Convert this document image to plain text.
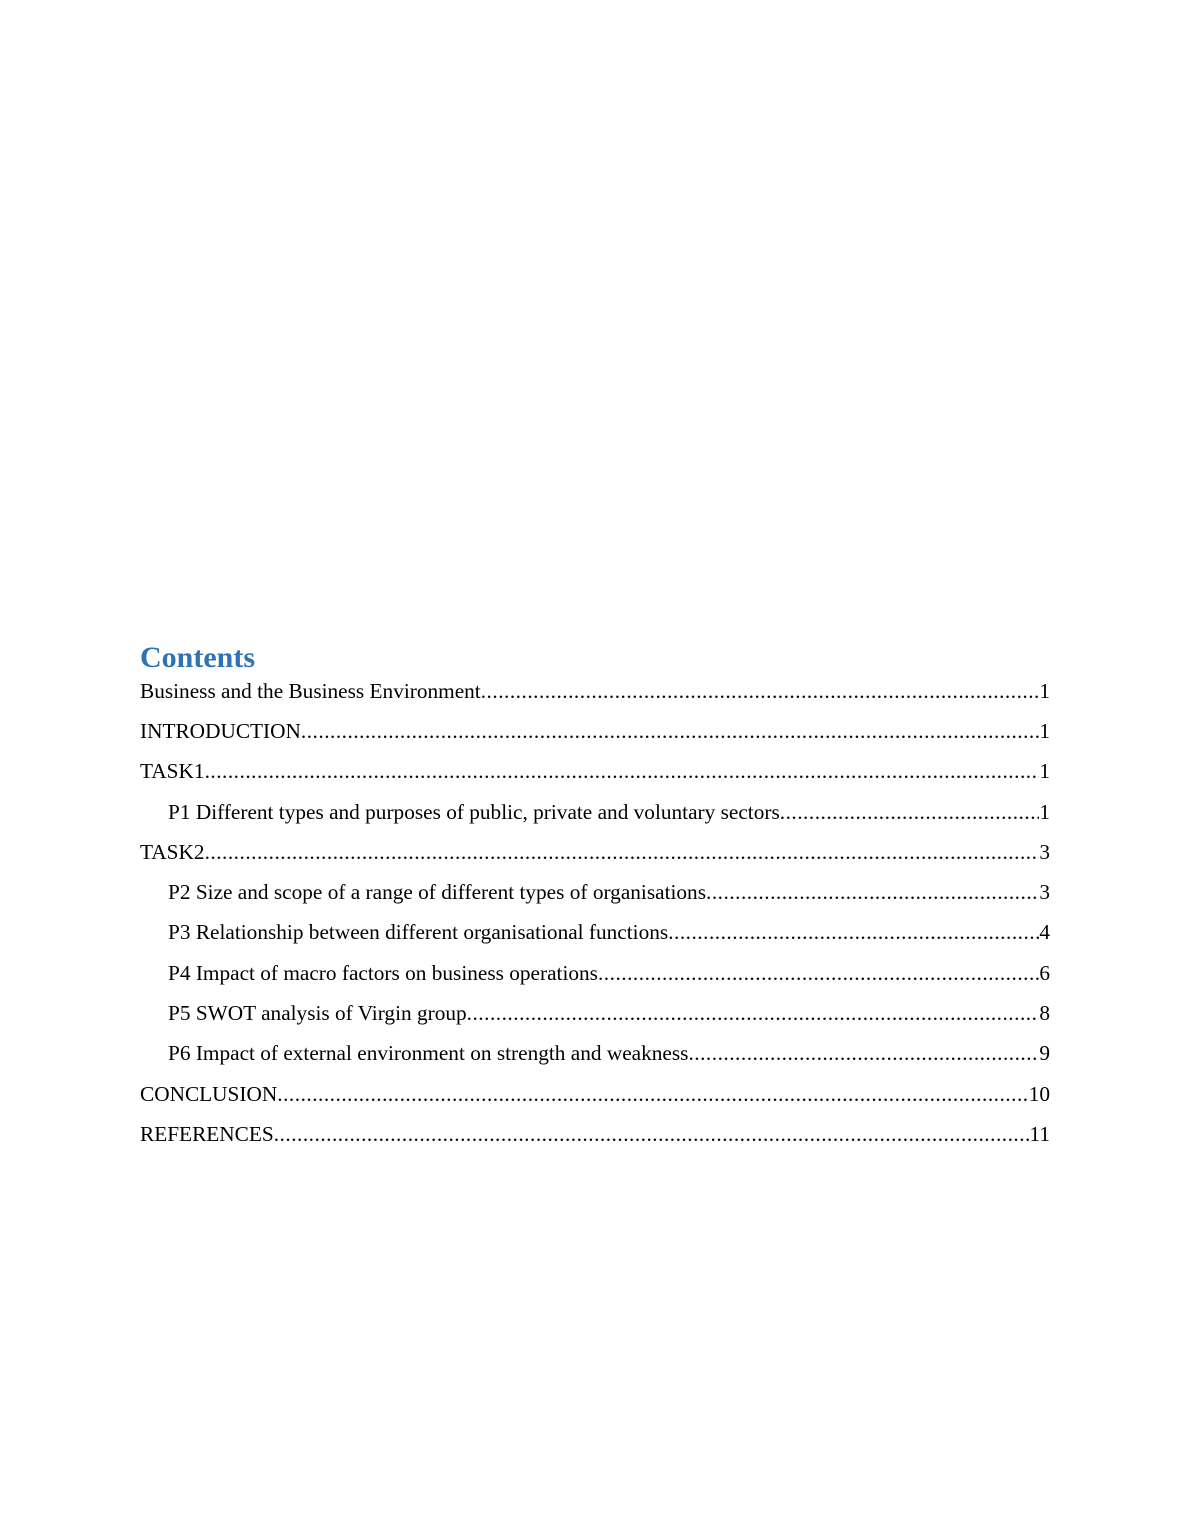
Contents
Business and the Business Environment .....	1
INTRODUCTION .....	1
TASK1 .....	1
P1 Different types and purposes of public, private and voluntary sectors .....	1
TASK2 .....	3
P2 Size and scope of a range of different types of organisations .....	3
P3 Relationship between different organisational functions .....	4
P4 Impact of macro factors on business operations .....	6
P5 SWOT analysis of Virgin group .....	8
P6 Impact of external environment on strength and weakness .....	9
CONCLUSION .....	10
REFERENCES .....	11
